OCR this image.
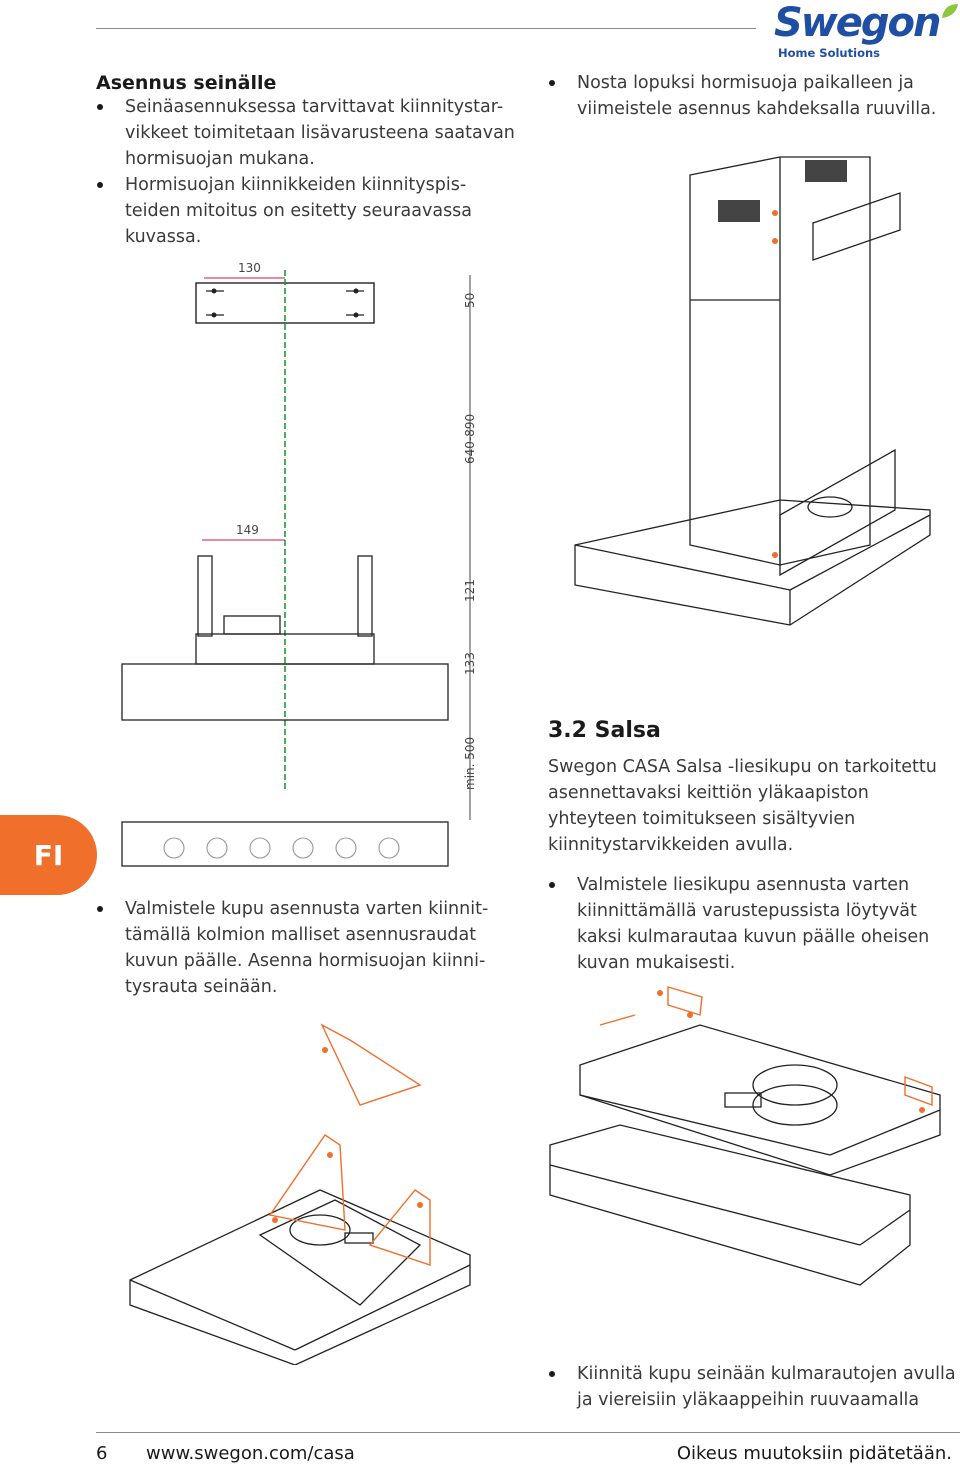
Swegon
Home Solutions
Asennus seinälle
Seinäasennuksessa tarvittavat kiinnitystar-vikkeet toimitetaan lisävarusteena saatavan hormisuojan mukana.
Hormisuojan kiinnikkeiden kiinnityspis-teiden mitoitus on esitetty seuraavassa kuvassa.
Nosta lopuksi hormisuoja paikalleen ja viimeistele asennus kahdeksalla ruuvilla.
130
50
640-890
121
133
min. 500
149
FI
3.2 Salsa
Swegon CASA Salsa -liesikupu on tarkoitettu asennettavaksi keittiön yläkaapiston yhteyteen toimitukseen sisältyvien kiinnitystarvikkeiden avulla.
Valmistele liesikupu asennusta varten kiinnittämällä varustepussista löytyvät kaksi kulmarautaa kuvun päälle oheisen kuvan mukaisesti.
Valmistele kupu asennusta varten kiinnit-tämällä kolmion malliset asennusraudat kuvun päälle. Asenna hormisuojan kiinni-tysrauta seinään.
Kiinnitä kupu seinään kulmarautojen avulla ja viereisiin yläkaappeihin ruuvaamalla
6 www.swegon.com/casa	Oikeus muutoksiin pidätetään.
